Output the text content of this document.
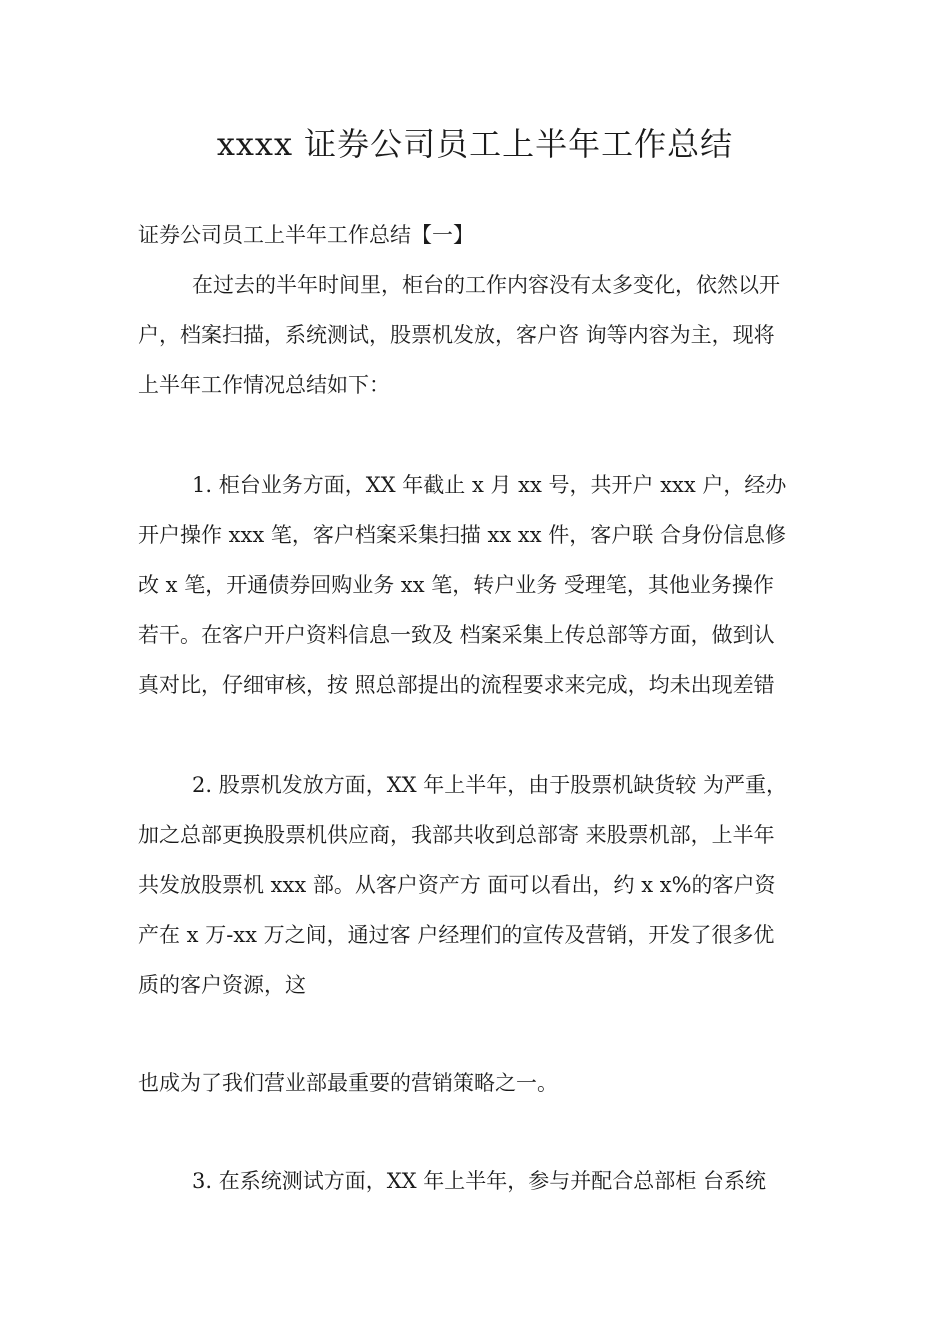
xxxx 证券公司员工上半年工作总结
证券公司员工上半年工作总结【一】
在过去的半年时间里，柜台的工作内容没有太多变化，依然以开
户，档案扫描，系统测试，股票机发放，客户咨 询等内容为主，现将
上半年工作情况总结如下：
1. 柜台业务方面，XX 年截止 x 月 xx 号，共开户 xxx 户，经办
开户操作 xxx 笔，客户档案采集扫描 xx xx 件，客户联 合身份信息修
改 x 笔，开通债券回购业务 xx 笔，转户业务 受理笔，其他业务操作
若干。在客户开户资料信息一致及 档案采集上传总部等方面，做到认
真对比，仔细审核，按 照总部提出的流程要求来完成，均未出现差错
2. 股票机发放方面，XX 年上半年，由于股票机缺货较 为严重，
加之总部更换股票机供应商，我部共收到总部寄 来股票机部，上半年
共发放股票机 xxx 部。从客户资产方 面可以看出，约 x x%的客户资
产在 x 万-xx 万之间，通过客 户经理们的宣传及营销，开发了很多优
质的客户资源，这
也成为了我们营业部最重要的营销策略之一。
3. 在系统测试方面，XX 年上半年，参与并配合总部柜 台系统
